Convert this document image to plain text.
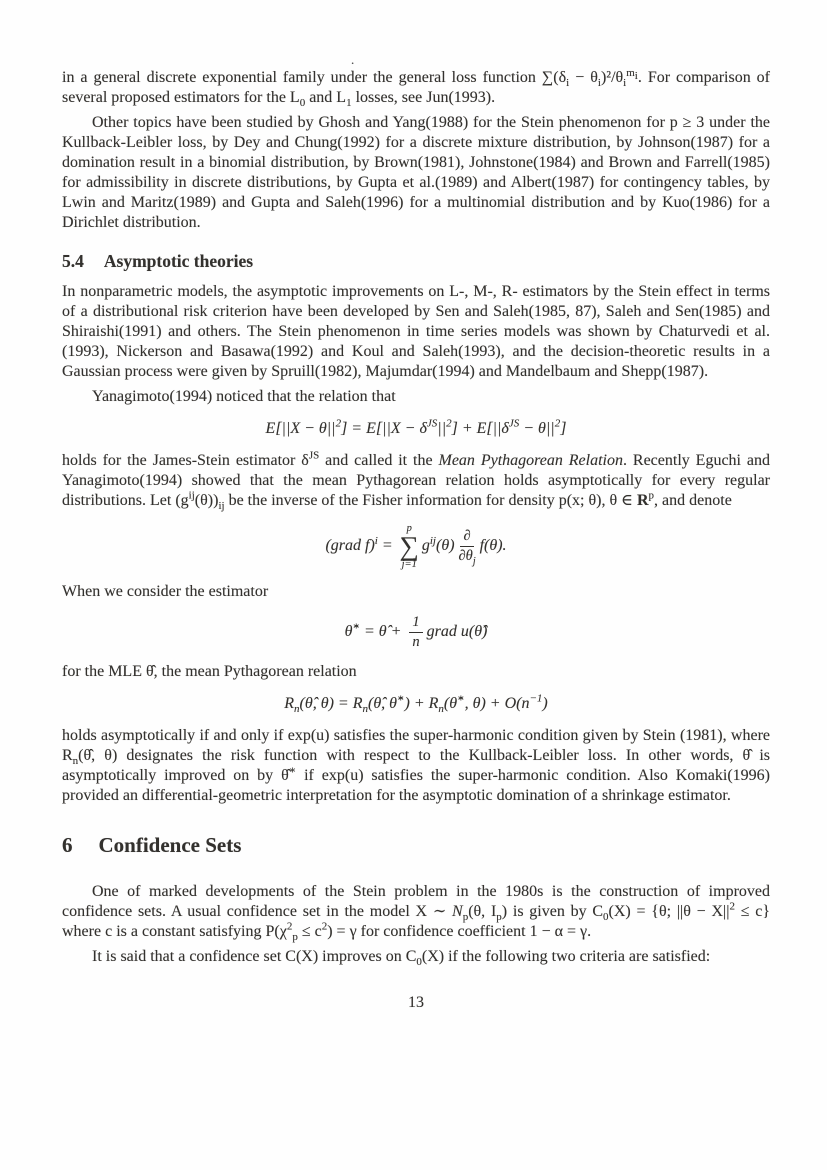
.

in a general discrete exponential family under the general loss function $\sum(\delta_i - \theta_i)^2/\theta_i^{m_i}$. For comparison of several proposed estimators for the $L_0$ and $L_1$ losses, see Jun(1993).

Other topics have been studied by Ghosh and Yang(1988) for the Stein phenomenon for p ≥ 3 under the Kullback-Leibler loss, by Dey and Chung(1992) for a discrete mixture distribution, by Johnson(1987) for a domination result in a binomial distribution, by Brown(1981), Johnstone(1984) and Brown and Farrell(1985) for admissibility in discrete distributions, by Gupta et al.(1989) and Albert(1987) for contingency tables, by Lwin and Maritz(1989) and Gupta and Saleh(1996) for a multinomial distribution and by Kuo(1986) for a Dirichlet distribution.

5.4 Asymptotic theories

In nonparametric models, the asymptotic improvements on L-, M-, R- estimators by the Stein effect in terms of a distributional risk criterion have been developed by Sen and Saleh(1985, 87), Saleh and Sen(1985) and Shiraishi(1991) and others. The Stein phenomenon in time series models was shown by Chaturvedi et al.(1993), Nickerson and Basawa(1992) and Koul and Saleh(1993), and the decision-theoretic results in a Gaussian process were given by Spruill(1982), Majumdar(1994) and Mandelbaum and Shepp(1987).

Yanagimoto(1994) noticed that the relation that

$E[||X - \theta||^2] = E[||X - \delta^{JS}||^2] + E[||\delta^{JS} - \theta||^2]$

holds for the James-Stein estimator $\delta^{JS}$ and called it the Mean Pythagorean Relation. Recently Eguchi and Yanagimoto(1994) showed that the mean Pythagorean relation holds asymptotically for every regular distributions. Let $(g^{ij}(\theta))_{ij}$ be the inverse of the Fisher information for density p(x; θ), θ ∈ $R^p$, and denote

(grad f)$^i$ =
p
∑
j=1
$g^{ij}(\theta) \frac{\partial}{\partial\theta_j} f(\theta)$.

When we consider the estimator

θ̂∗ = θ̂ + $\frac{1}{n}$ grad u(θ̂)

for the MLE θ̂, the mean Pythagorean relation

$R_n(\thetâ$, $\theta) = R_n(\thetâ$, θ̂∗) + $R_n(\thetâ^∗$, $\theta) + O(n^{-1})$

holds asymptotically if and only if exp(u) satisfies the super-harmonic condition given by Stein (1981), where $R_n(\thetâ$, θ) designates the risk function with respect to the Kullback-Leibler loss. In other words, θ̂ is asymptotically improved on by θ̂∗ if exp(u) satisfies the super-harmonic condition. Also Komaki(1996) provided an differential-geometric interpretation for the asymptotic domination of a shrinkage estimator.

6 Confidence Sets

One of marked developments of the Stein problem in the 1980s is the construction of improved confidence sets. A usual confidence set in the model X ∼ $N_p(\theta$, $I_p$) is given by $C_0(X) = \{\theta$; $||\theta - X||^2 \le c$} where c is a constant satisfying $P(\chi^2_p \le c^2) = \gamma$ for confidence coefficient 1 − α = γ.

It is said that a confidence set C(X) improves on $C_0(X)$ if the following two criteria are satisfied:

13
